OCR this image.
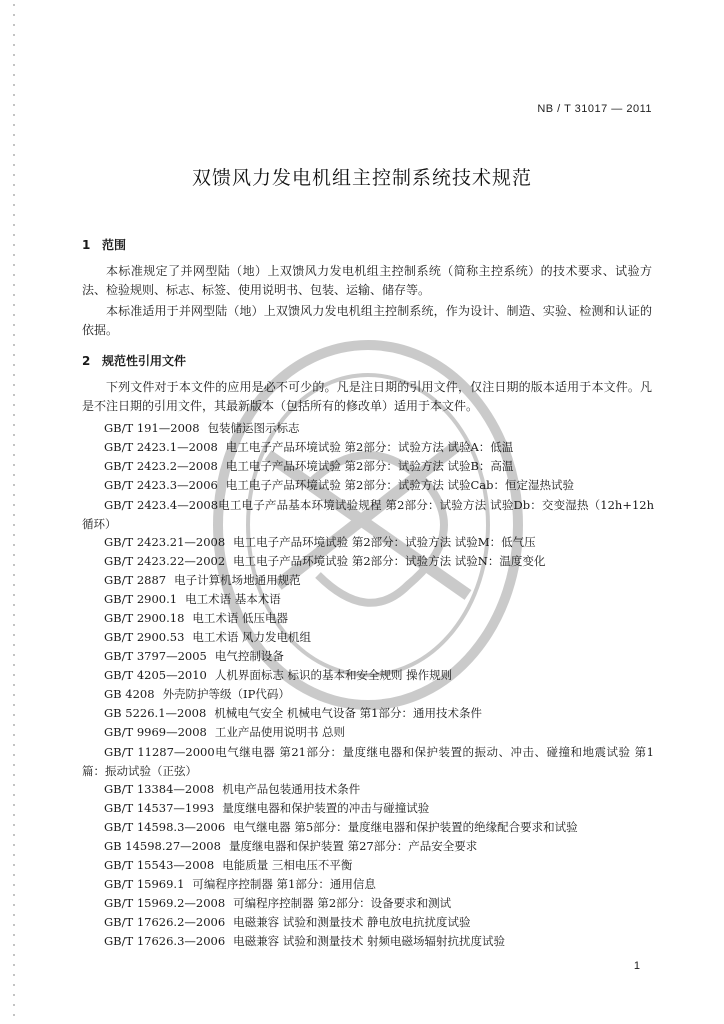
NB / T 31017 — 2011
双馈风力发电机组主控制系统技术规范
1 范围
本标准规定了并网型陆（地）上双馈风力发电机组主控制系统（简称主控系统）的技术要求、试验方法、检验规则、标志、标签、使用说明书、包装、运输、储存等。
本标准适用于并网型陆（地）上双馈风力发电机组主控制系统，作为设计、制造、实验、检测和认证的依据。
2 规范性引用文件
下列文件对于本文件的应用是必不可少的。凡是注日期的引用文件，仅注日期的版本适用于本文件。凡是不注日期的引用文件，其最新版本（包括所有的修改单）适用于本文件。
GB/T 191—2008 包装储运图示标志
GB/T 2423.1—2008 电工电子产品环境试验 第2部分：试验方法 试验A：低温
GB/T 2423.2—2008 电工电子产品环境试验 第2部分：试验方法 试验B：高温
GB/T 2423.3—2006 电工电子产品环境试验 第2部分：试验方法 试验Cab：恒定湿热试验
GB/T 2423.4—2008电工电子产品基本环境试验规程 第2部分：试验方法 试验Db：交变湿热（12h+12h 循环）
GB/T 2423.21—2008 电工电子产品环境试验 第2部分：试验方法 试验M：低气压
GB/T 2423.22—2002 电工电子产品环境试验 第2部分：试验方法 试验N：温度变化
GB/T 2887 电子计算机场地通用规范
GB/T 2900.1 电工术语 基本术语
GB/T 2900.18 电工术语 低压电器
GB/T 2900.53 电工术语 风力发电机组
GB/T 3797—2005 电气控制设备
GB/T 4205—2010 人机界面标志 标识的基本和安全规则 操作规则
GB 4208 外壳防护等级（IP代码）
GB 5226.1—2008 机械电气安全 机械电气设备 第1部分：通用技术条件
GB/T 9969—2008 工业产品使用说明书 总则
GB/T 11287—2000电气继电器 第21部分：量度继电器和保护装置的振动、冲击、碰撞和地震试验 第1篇：振动试验（正弦）
GB/T 13384—2008 机电产品包装通用技术条件
GB/T 14537—1993 量度继电器和保护装置的冲击与碰撞试验
GB/T 14598.3—2006 电气继电器 第5部分：量度继电器和保护装置的绝缘配合要求和试验
GB 14598.27—2008 量度继电器和保护装置 第27部分：产品安全要求
GB/T 15543—2008 电能质量 三相电压不平衡
GB/T 15969.1 可编程序控制器 第1部分：通用信息
GB/T 15969.2—2008 可编程序控制器 第2部分：设备要求和测试
GB/T 17626.2—2006 电磁兼容 试验和测量技术 静电放电抗扰度试验
GB/T 17626.3—2006 电磁兼容 试验和测量技术 射频电磁场辐射抗扰度试验
1
